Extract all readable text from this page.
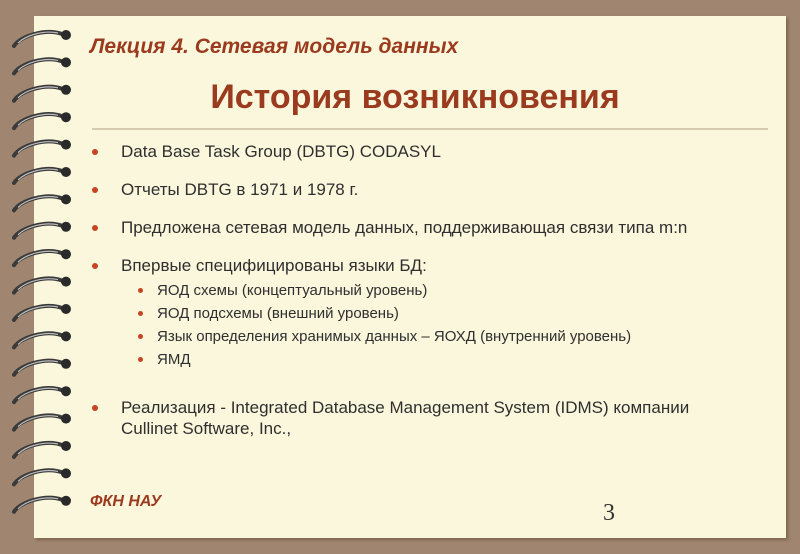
Лекция 4. Сетевая модель данных
История возникновения
Data Base Task Group (DBTG) CODASYL
Отчеты DBTG в 1971 и 1978 г.
Предложена сетевая модель данных, поддерживающая связи типа m:n
Впервые специфицированы языки БД:
ЯОД схемы (концептуальный уровень)
ЯОД подсхемы (внешний уровень)
Язык определения хранимых данных – ЯОХД (внутренний уровень)
ЯМД
Реализация - Integrated Database Management System (IDMS) компании Cullinet Software, Inc.,
ФКН НАУ	3
